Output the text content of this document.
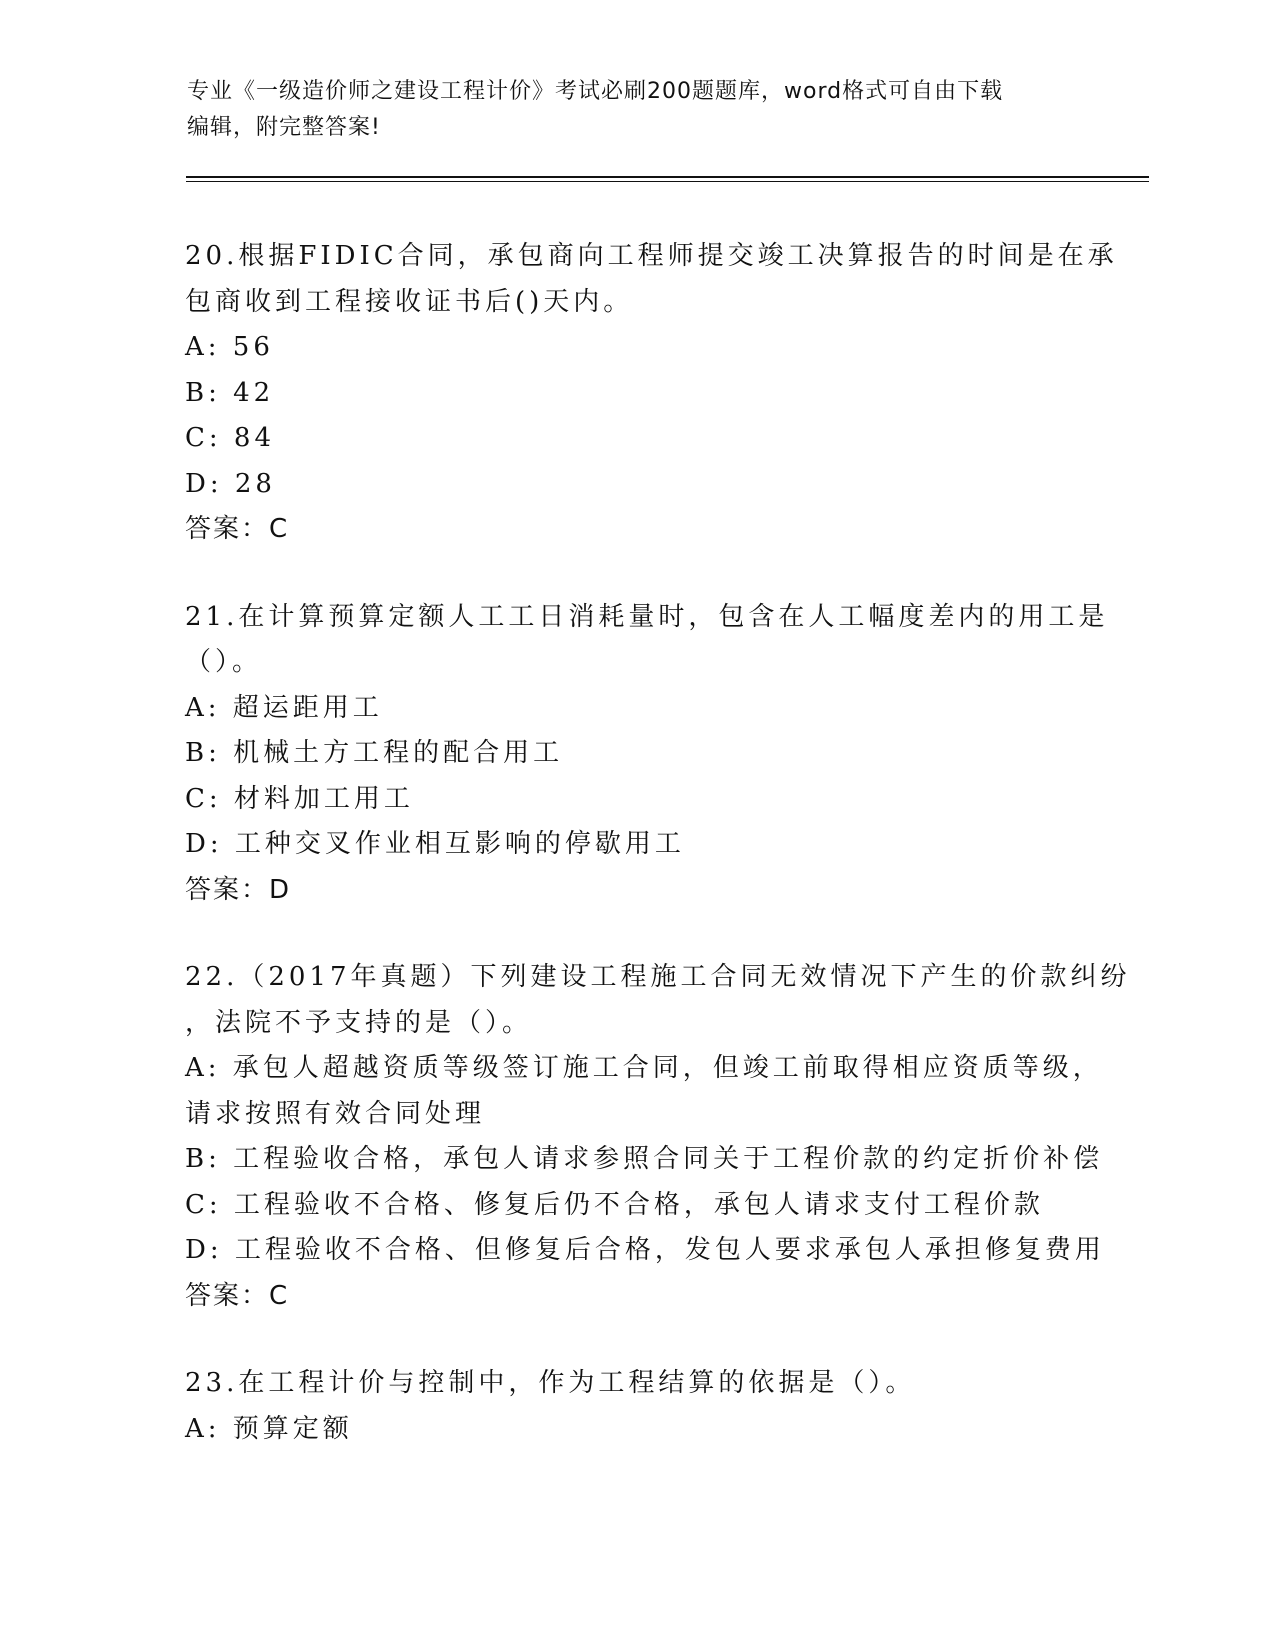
专业《一级造价师之建设工程计价》考试必刷200题题库，word格式可自由下载
编辑，附完整答案!
20.根据FIDIC合同，承包商向工程师提交竣工决算报告的时间是在承
包商收到工程接收证书后()天内。
A: 56
B: 42
C: 84
D: 28
答案：C
21.在计算预算定额人工工日消耗量时，包含在人工幅度差内的用工是
（）。
A: 超运距用工
B: 机械土方工程的配合用工
C: 材料加工用工
D: 工种交叉作业相互影响的停歇用工
答案：D
22.（2017年真题）下列建设工程施工合同无效情况下产生的价款纠纷
，法院不予支持的是（）。
A: 承包人超越资质等级签订施工合同，但竣工前取得相应资质等级，
请求按照有效合同处理
B: 工程验收合格，承包人请求参照合同关于工程价款的约定折价补偿
C: 工程验收不合格、修复后仍不合格，承包人请求支付工程价款
D: 工程验收不合格、但修复后合格，发包人要求承包人承担修复费用
答案：C
23.在工程计价与控制中，作为工程结算的依据是（）。
A: 预算定额
